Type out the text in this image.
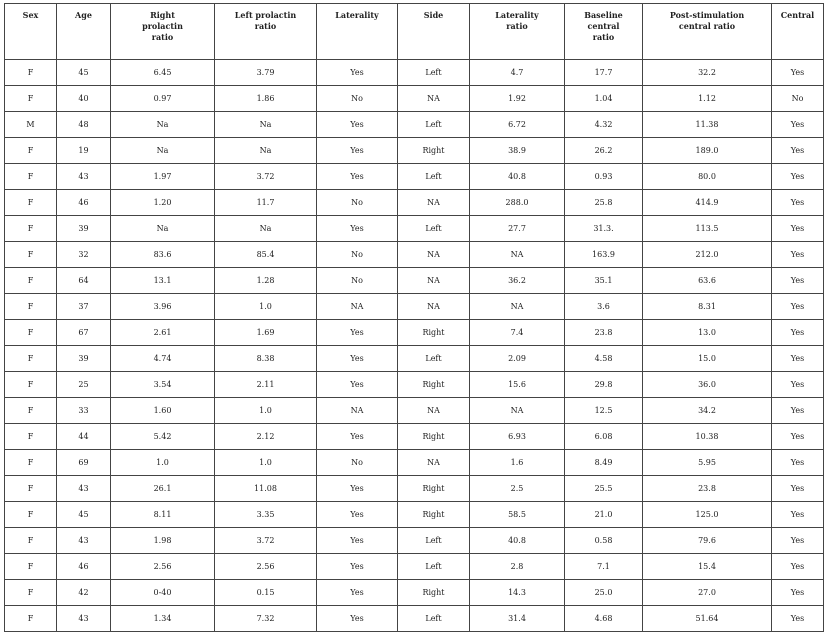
Sex	Age	Right prolactin ratio	Left prolactin ratio	Laterality	Side	Laterality ratio	Baseline central ratio	Post-stimulation central ratio	Central
F	45	6.45	3.79	Yes	Left	4.7	17.7	32.2	Yes
F	40	0.97	1.86	No	NA	1.92	1.04	1.12	No
M	48	Na	Na	Yes	Left	6.72	4.32	11.38	Yes
F	19	Na	Na	Yes	Right	38.9	26.2	189.0	Yes
F	43	1.97	3.72	Yes	Left	40.8	0.93	80.0	Yes
F	46	1.20	11.7	No	NA	288.0	25.8	414.9	Yes
F	39	Na	Na	Yes	Left	27.7	31.3.	113.5	Yes
F	32	83.6	85.4	No	NA	NA	163.9	212.0	Yes
F	64	13.1	1.28	No	NA	36.2	35.1	63.6	Yes
F	37	3.96	1.0	NA	NA	NA	3.6	8.31	Yes
F	67	2.61	1.69	Yes	Right	7.4	23.8	13.0	Yes
F	39	4.74	8.38	Yes	Left	2.09	4.58	15.0	Yes
F	25	3.54	2.11	Yes	Right	15.6	29.8	36.0	Yes
F	33	1.60	1.0	NA	NA	NA	12.5	34.2	Yes
F	44	5.42	2.12	Yes	Right	6.93	6.08	10.38	Yes
F	69	1.0	1.0	No	NA	1.6	8.49	5.95	Yes
F	43	26.1	11.08	Yes	Right	2.5	25.5	23.8	Yes
F	45	8.11	3.35	Yes	Right	58.5	21.0	125.0	Yes
F	43	1.98	3.72	Yes	Left	40.8	0.58	79.6	Yes
F	46	2.56	2.56	Yes	Left	2.8	7.1	15.4	Yes
F	42	0-40	0.15	Yes	Right	14.3	25.0	27.0	Yes
F	43	1.34	7.32	Yes	Left	31.4	4.68	51.64	Yes
